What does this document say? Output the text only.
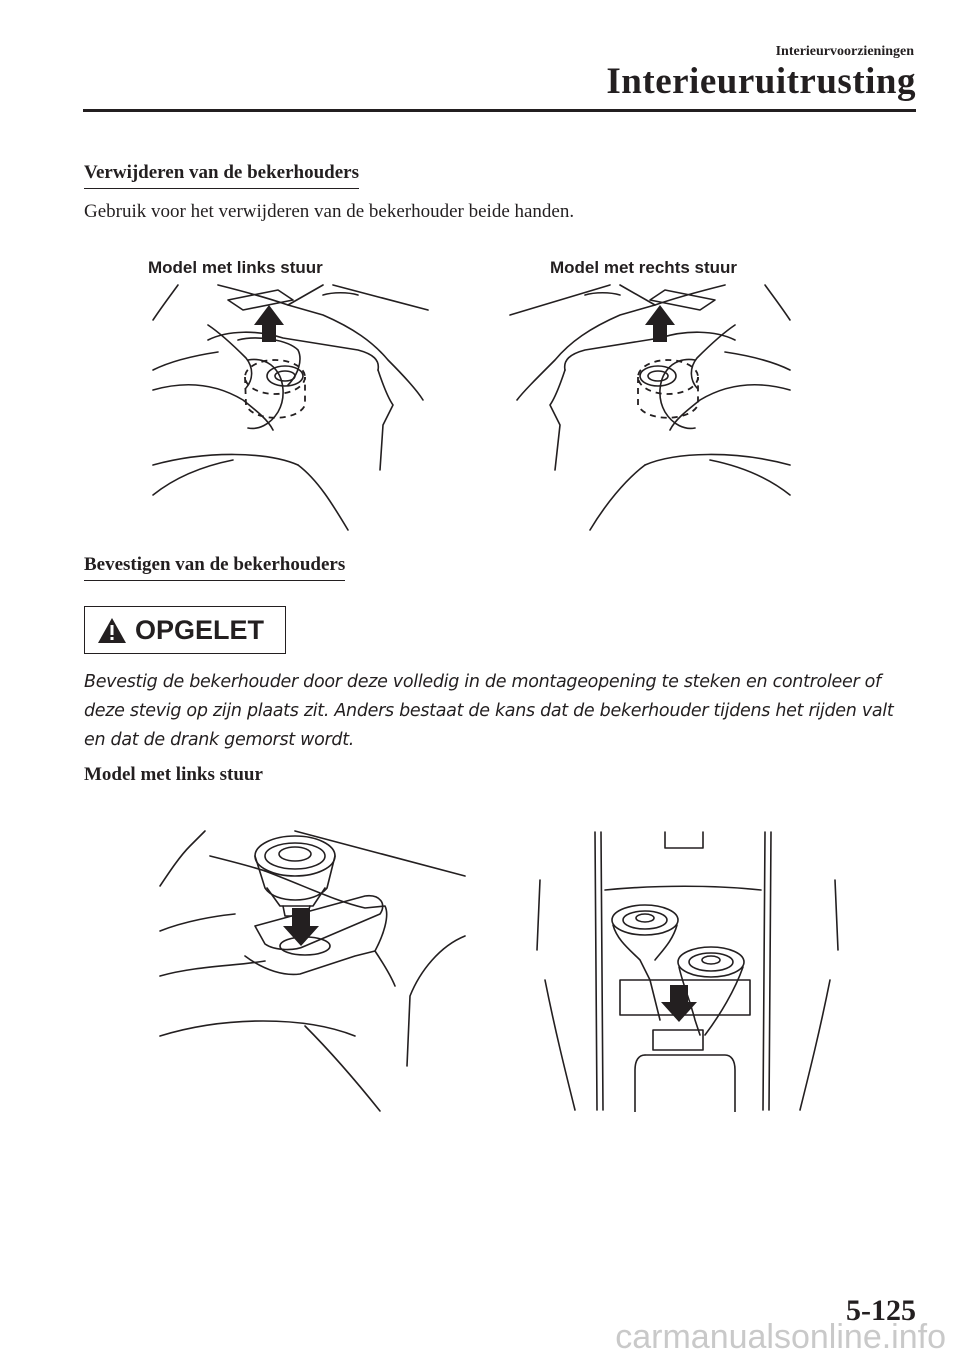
Interieurvoorzieningen
Interieuruitrusting
Verwijderen van de bekerhouders
Gebruik voor het verwijderen van de bekerhouder beide handen.
Model met links stuur	Model met rechts stuur
Bevestigen van de bekerhouders
OPGELET
Bevestig de bekerhouder door deze volledig in de montageopening te steken en controleer of
deze stevig op zijn plaats zit. Anders bestaat de kans dat de bekerhouder tijdens het rijden valt
en dat de drank gemorst wordt.
Model met links stuur
5-125
carmanualsonline.info
